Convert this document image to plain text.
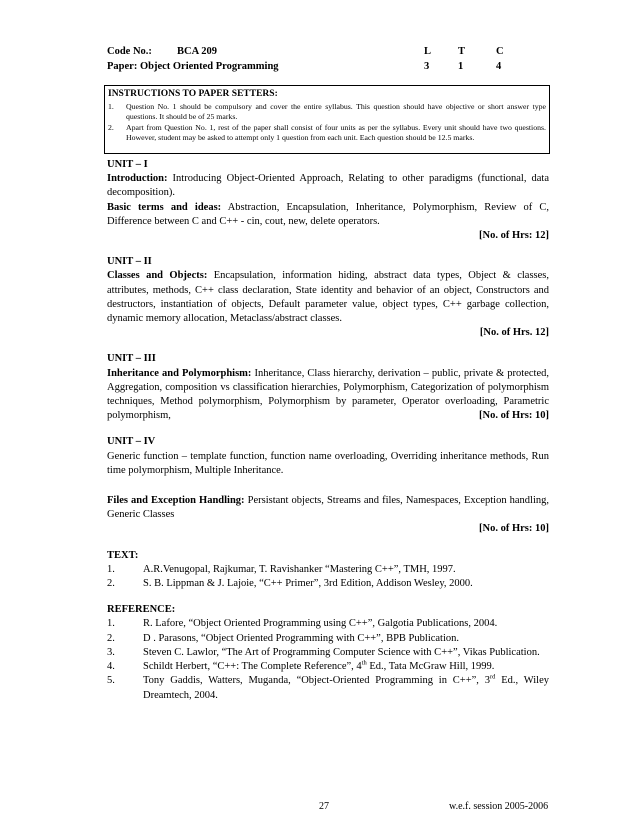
Code No.: BCA 209	L	T	C
Paper: Object Oriented Programming	3	1	4
INSTRUCTIONS TO PAPER SETTERS:
1. Question No. 1 should be compulsory and cover the entire syllabus. This question should have objective or short answer type questions. It should be of 25 marks.
2. Apart from Question No. 1, rest of the paper shall consist of four units as per the syllabus. Every unit should have two questions. However, student may be asked to attempt only 1 question from each unit. Each question should be 12.5 marks.
UNIT – I
Introduction: Introducing Object-Oriented Approach, Relating to other paradigms (functional, data decomposition).
Basic terms and ideas: Abstraction, Encapsulation, Inheritance, Polymorphism, Review of C, Difference between C and C++ - cin, cout, new, delete operators.
[No. of Hrs: 12]
UNIT – II
Classes and Objects: Encapsulation, information hiding, abstract data types, Object & classes, attributes, methods, C++ class declaration, State identity and behavior of an object, Constructors and destructors, instantiation of objects, Default parameter value, object types, C++ garbage collection, dynamic memory allocation, Metaclass/abstract classes.
[No. of Hrs. 12]
UNIT – III
Inheritance and Polymorphism: Inheritance, Class hierarchy, derivation – public, private & protected, Aggregation, composition vs classification hierarchies, Polymorphism, Categorization of polymorphism techniques, Method polymorphism, Polymorphism by parameter, Operator overloading, Parametric polymorphism,	[No. of Hrs: 10]
UNIT – IV
Generic function – template function, function name overloading, Overriding inheritance methods, Run time polymorphism, Multiple Inheritance.
Files and Exception Handling: Persistant objects, Streams and files, Namespaces, Exception handling, Generic Classes
[No. of Hrs: 10]
TEXT:
1.	A.R.Venugopal, Rajkumar, T. Ravishanker “Mastering C++”, TMH, 1997.
2.	S. B. Lippman & J. Lajoie, “C++ Primer”, 3rd Edition, Addison Wesley, 2000.
REFERENCE:
1.	R. Lafore, “Object Oriented Programming using C++”, Galgotia Publications, 2004.
2.	D . Parasons, “Object Oriented Programming with C++”, BPB Publication.
3.	Steven C. Lawlor, “The Art of Programming Computer Science with C++”, Vikas Publication.
4.	Schildt Herbert, “C++: The Complete Reference”, 4th Ed., Tata McGraw Hill, 1999.
5.	Tony Gaddis, Watters, Muganda, “Object-Oriented Programming in C++”, 3rd Ed., Wiley Dreamtech, 2004.
27	w.e.f. session 2005-2006
